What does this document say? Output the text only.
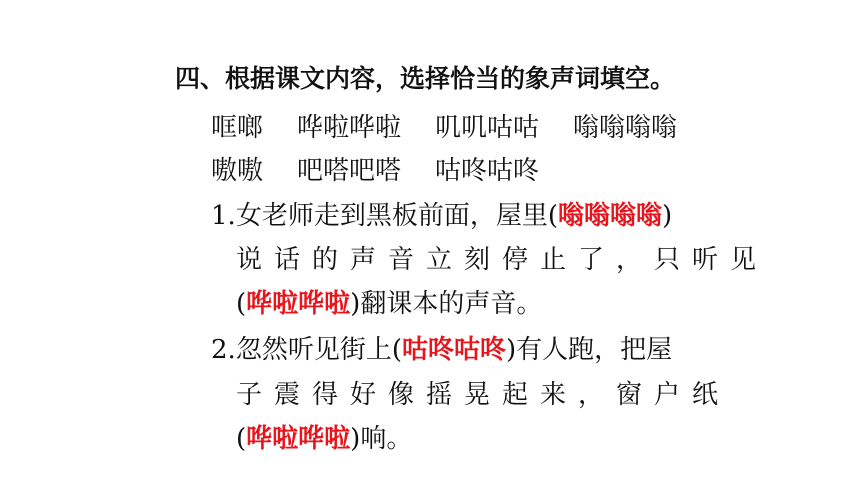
四、根据课文内容，选择恰当的象声词填空。
哐啷 哗啦哗啦 叽叽咕咕 嗡嗡嗡嗡
嗷嗷 吧嗒吧嗒 咕咚咕咚
1.女老师走到黑板前面，屋里(嗡嗡嗡嗡)
说话的声音立刻停止了，只听见
(哗啦哗啦)翻课本的声音。
2.忽然听见街上(咕咚咕咚)有人跑，把屋
子震得好像摇晃起来，窗户纸
(哗啦哗啦)响。
